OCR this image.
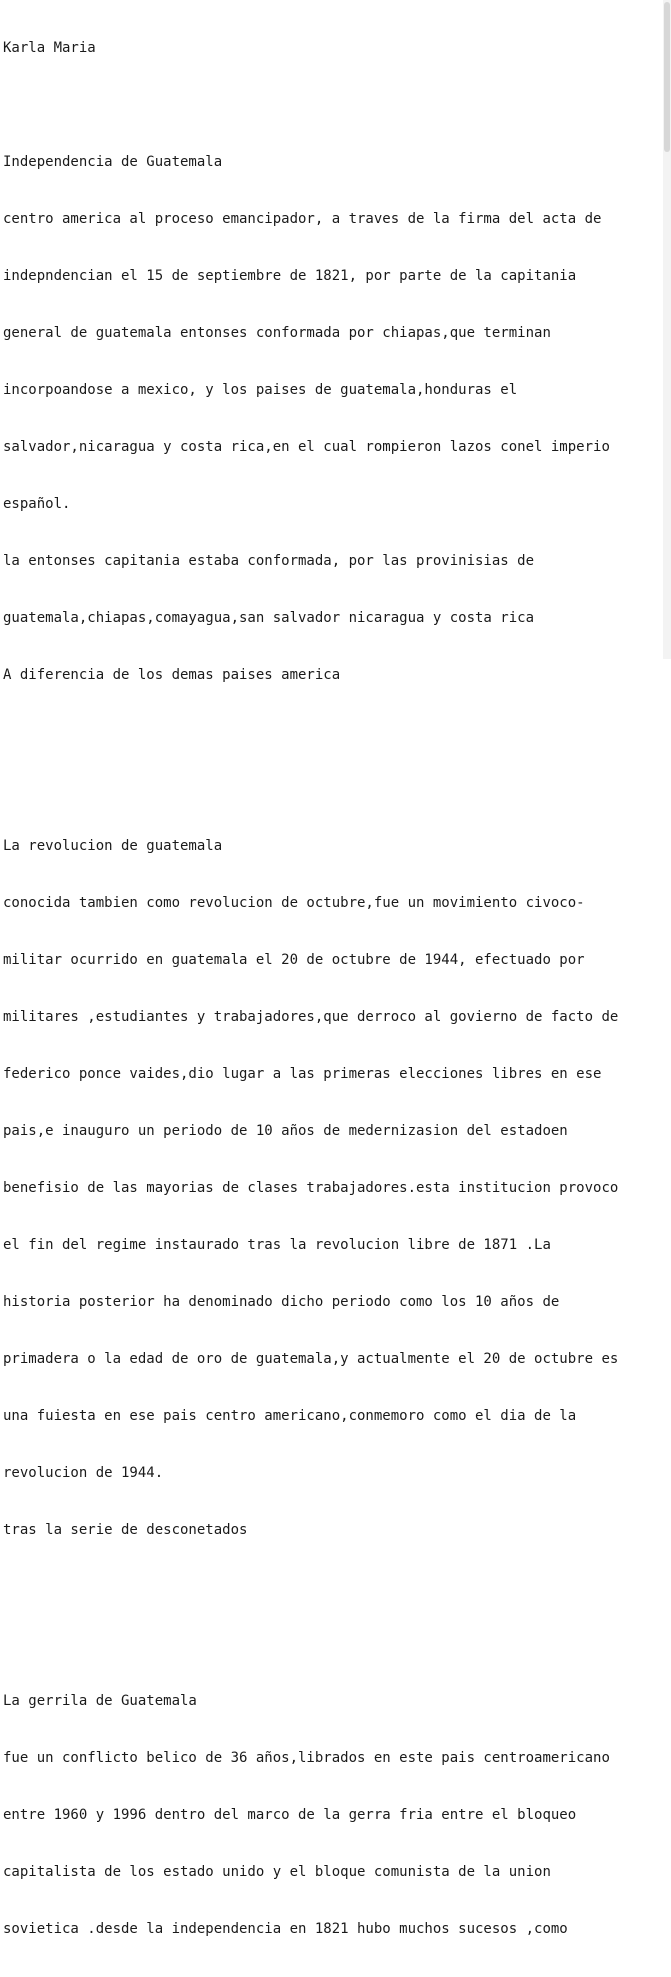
Karla Maria

Independencia de Guatemala

centro america al proceso emancipador, a traves de la firma del acta de

indepndencian el 15 de septiembre de 1821, por parte de la capitania

general de guatemala entonses conformada por chiapas,que terminan

incorpoandose a mexico, y los paises de guatemala,honduras el

salvador,nicaragua y costa rica,en el cual rompieron lazos conel imperio

español.

la entonses capitania estaba conformada, por las provinisias de

guatemala,chiapas,comayagua,san salvador nicaragua y costa rica

A diferencia de los demas paises america

La revolucion de guatemala

conocida tambien como revolucion de octubre,fue un movimiento civoco-

militar ocurrido en guatemala el 20 de octubre de 1944, efectuado por

militares ,estudiantes y trabajadores,que derroco al govierno de facto de

federico ponce vaides,dio lugar a las primeras elecciones libres en ese

pais,e inauguro un periodo de 10 años de medernizasion del estadoen

benefisio de las mayorias de clases trabajadores.esta institucion provoco

el fin del regime instaurado tras la revolucion libre de 1871 .La

historia posterior ha denominado dicho periodo como los 10 años de

primadera o la edad de oro de guatemala,y actualmente el 20 de octubre es

una fuiesta en ese pais centro americano,conmemoro como el dia de la

revolucion de 1944.

tras la serie de desconetados

La gerrila de Guatemala

fue un conflicto belico de 36 años,librados en este pais centroamericano

entre 1960 y 1996 dentro del marco de la gerra fria entre el bloqueo

capitalista de los estado unido y el bloque comunista de la union

sovietica .desde la independencia en 1821 hubo muchos sucesos ,como
